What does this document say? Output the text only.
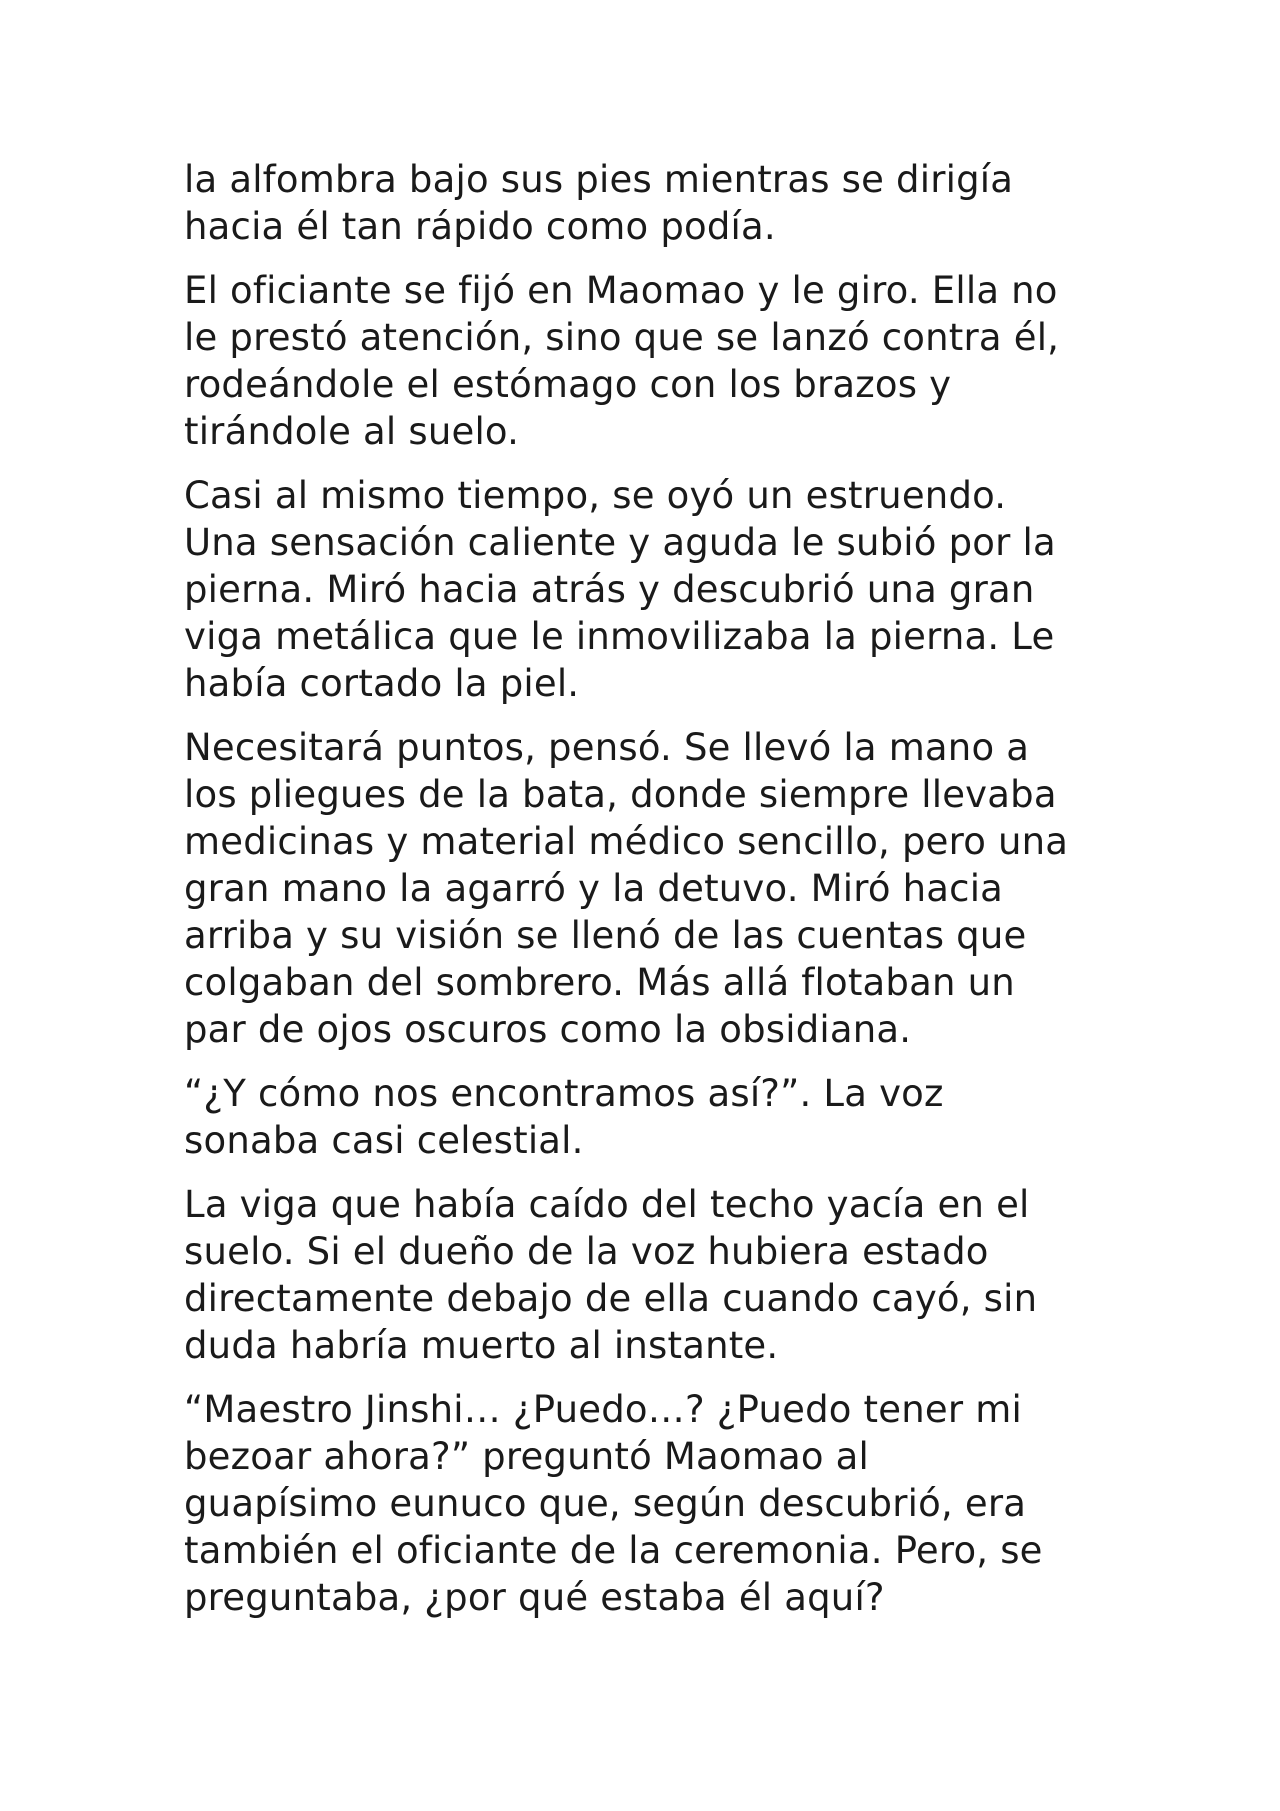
la alfombra bajo sus pies mientras se dirigía
hacia él tan rápido como podía.

El oficiante se fijó en Maomao y le giro. Ella no
le prestó atención, sino que se lanzó contra él,
rodeándole el estómago con los brazos y
tirándole al suelo.

Casi al mismo tiempo, se oyó un estruendo.
Una sensación caliente y aguda le subió por la
pierna. Miró hacia atrás y descubrió una gran
viga metálica que le inmovilizaba la pierna. Le
había cortado la piel.

Necesitará puntos, pensó. Se llevó la mano a
los pliegues de la bata, donde siempre llevaba
medicinas y material médico sencillo, pero una
gran mano la agarró y la detuvo. Miró hacia
arriba y su visión se llenó de las cuentas que
colgaban del sombrero. Más allá flotaban un
par de ojos oscuros como la obsidiana.

“¿Y cómo nos encontramos así?”. La voz
sonaba casi celestial.

La viga que había caído del techo yacía en el
suelo. Si el dueño de la voz hubiera estado
directamente debajo de ella cuando cayó, sin
duda habría muerto al instante.

“Maestro Jinshi… ¿Puedo…? ¿Puedo tener mi
bezoar ahora?” preguntó Maomao al
guapísimo eunuco que, según descubrió, era
también el oficiante de la ceremonia. Pero, se
preguntaba, ¿por qué estaba él aquí?
